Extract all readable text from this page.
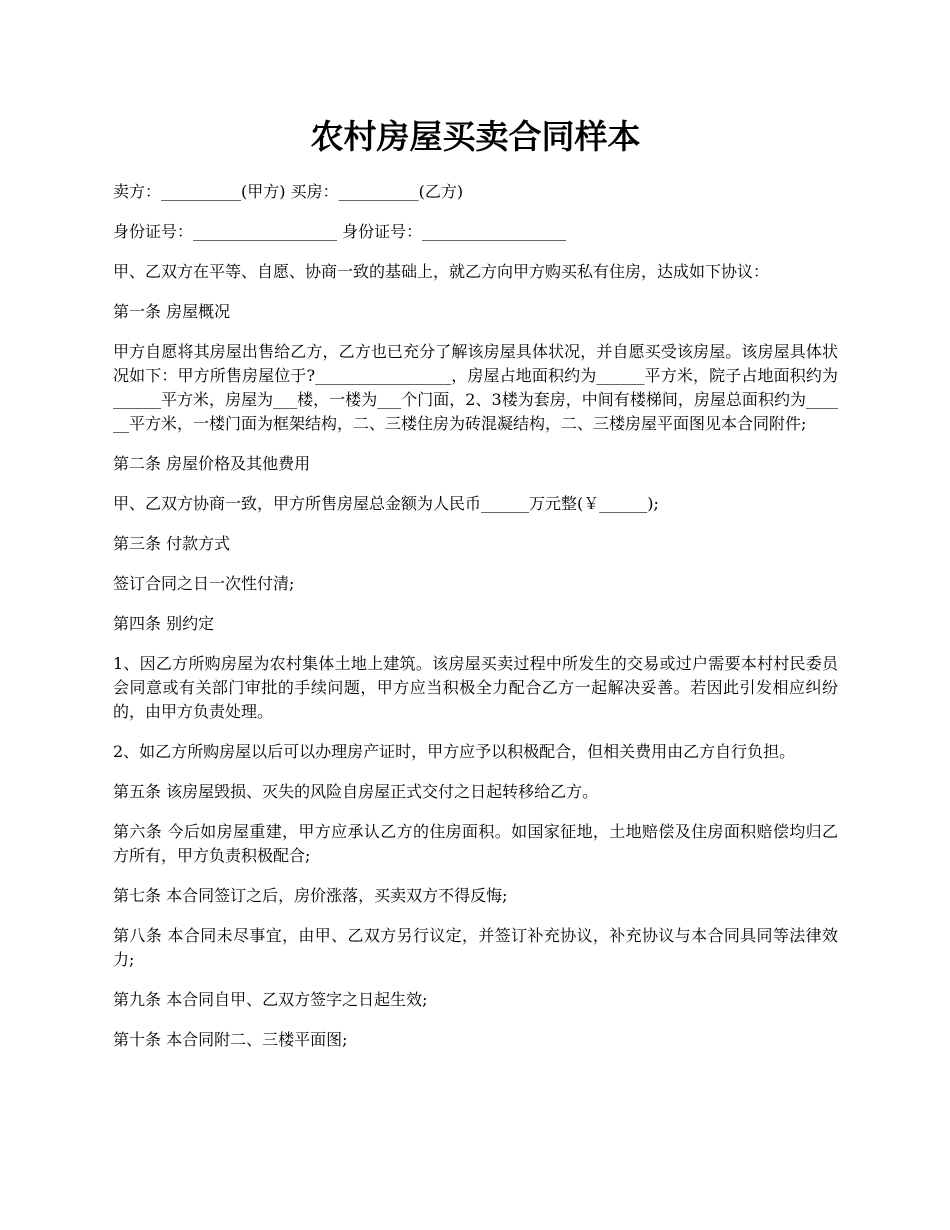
农村房屋买卖合同样本

卖方：__________(甲方) 买房：__________(乙方)

身份证号：__________________ 身份证号：__________________

甲、乙双方在平等、自愿、协商一致的基础上，就乙方向甲方购买私有住房，达成如下协议：

第一条 房屋概况

甲方自愿将其房屋出售给乙方，乙方也已充分了解该房屋具体状况，并自愿买受该房屋。该房屋具体状况如下：甲方所售房屋位于?_________________，房屋占地面积约为______平方米，院子占地面积约为______平方米，房屋为___楼，一楼为___个门面，2、3楼为套房，中间有楼梯间，房屋总面积约为______平方米，一楼门面为框架结构，二、三楼住房为砖混凝结构，二、三楼房屋平面图见本合同附件;

第二条 房屋价格及其他费用

甲、乙双方协商一致，甲方所售房屋总金额为人民币______万元整(￥______);

第三条 付款方式

签订合同之日一次性付清;

第四条 别约定

1、因乙方所购房屋为农村集体土地上建筑。该房屋买卖过程中所发生的交易或过户需要本村村民委员会同意或有关部门审批的手续问题，甲方应当积极全力配合乙方一起解决妥善。若因此引发相应纠纷的，由甲方负责处理。

2、如乙方所购房屋以后可以办理房产证时，甲方应予以积极配合，但相关费用由乙方自行负担。

第五条 该房屋毁损、灭失的风险自房屋正式交付之日起转移给乙方。

第六条 今后如房屋重建，甲方应承认乙方的住房面积。如国家征地，土地赔偿及住房面积赔偿均归乙方所有，甲方负责积极配合;

第七条 本合同签订之后，房价涨落，买卖双方不得反悔;

第八条 本合同未尽事宜，由甲、乙双方另行议定，并签订补充协议，补充协议与本合同具同等法律效力;

第九条 本合同自甲、乙双方签字之日起生效;

第十条 本合同附二、三楼平面图;
